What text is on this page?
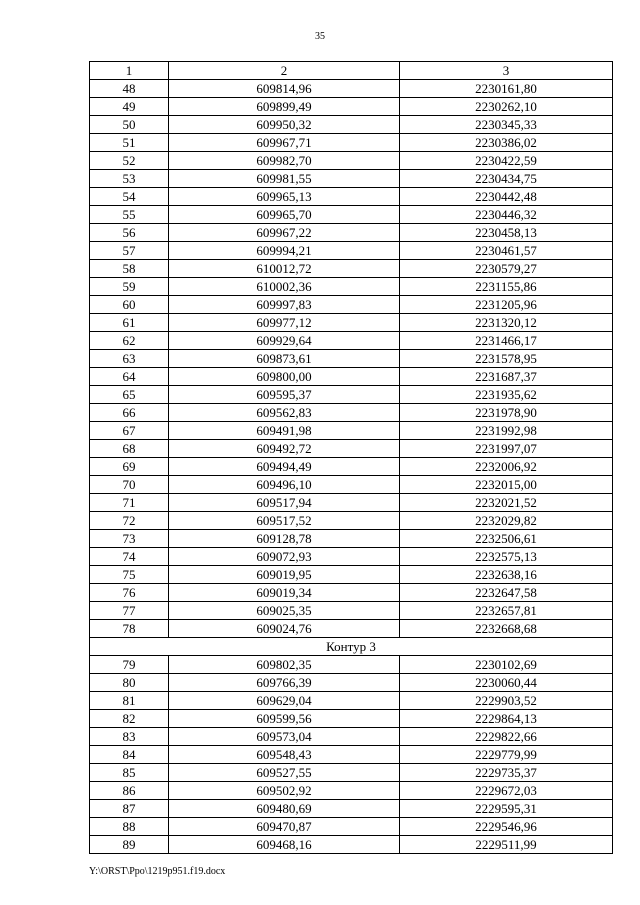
35
1	2	3
48	609814,96	2230161,80
49	609899,49	2230262,10
50	609950,32	2230345,33
51	609967,71	2230386,02
52	609982,70	2230422,59
53	609981,55	2230434,75
54	609965,13	2230442,48
55	609965,70	2230446,32
56	609967,22	2230458,13
57	609994,21	2230461,57
58	610012,72	2230579,27
59	610002,36	2231155,86
60	609997,83	2231205,96
61	609977,12	2231320,12
62	609929,64	2231466,17
63	609873,61	2231578,95
64	609800,00	2231687,37
65	609595,37	2231935,62
66	609562,83	2231978,90
67	609491,98	2231992,98
68	609492,72	2231997,07
69	609494,49	2232006,92
70	609496,10	2232015,00
71	609517,94	2232021,52
72	609517,52	2232029,82
73	609128,78	2232506,61
74	609072,93	2232575,13
75	609019,95	2232638,16
76	609019,34	2232647,58
77	609025,35	2232657,81
78	609024,76	2232668,68
Контур 3		
79	609802,35	2230102,69
80	609766,39	2230060,44
81	609629,04	2229903,52
82	609599,56	2229864,13
83	609573,04	2229822,66
84	609548,43	2229779,99
85	609527,55	2229735,37
86	609502,92	2229672,03
87	609480,69	2229595,31
88	609470,87	2229546,96
89	609468,16	2229511,99
Y:\ORST\Ppo\1219p951.f19.docx
